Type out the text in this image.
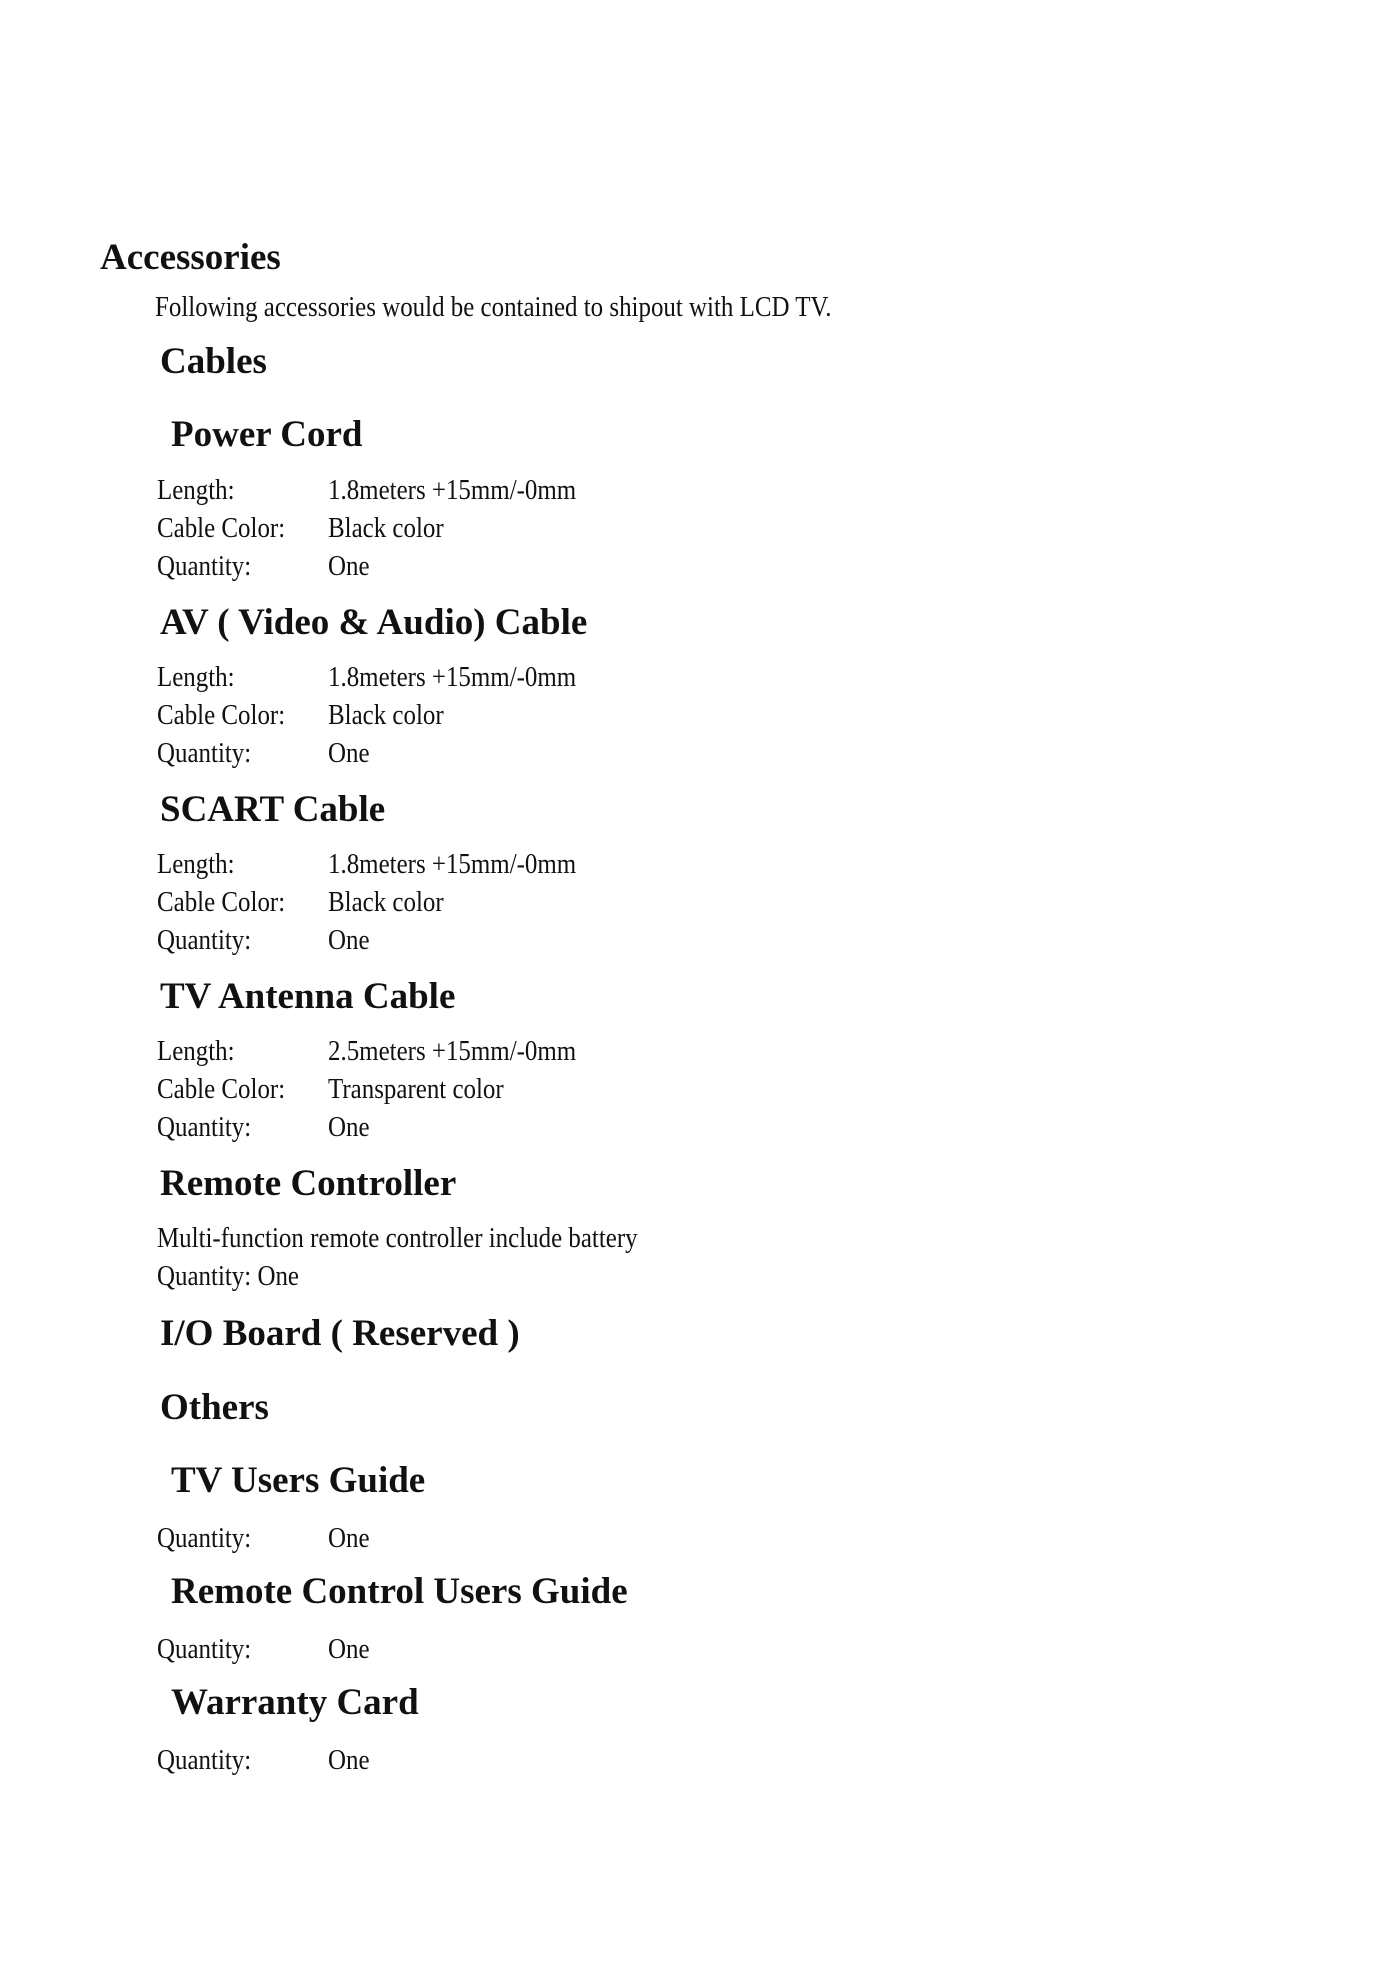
Accessories
Following accessories would be contained to shipout with LCD TV.
Cables
Power Cord
Length:	1.8meters +15mm/-0mm
Cable Color: Black color
Quantity:	One
AV ( Video & Audio) Cable
Length:	1.8meters +15mm/-0mm
Cable Color: Black color
Quantity:	One
SCART Cable
Length:	1.8meters +15mm/-0mm
Cable Color: Black color
Quantity:	One
TV Antenna Cable
Length:	2.5meters +15mm/-0mm
Cable Color: Transparent color
Quantity:	One
Remote Controller
Multi-function remote controller include battery
Quantity: One
I/O Board ( Reserved )
Others
TV Users Guide
Quantity:	One
Remote Control Users Guide
Quantity:	One
Warranty Card
Quantity:	One
